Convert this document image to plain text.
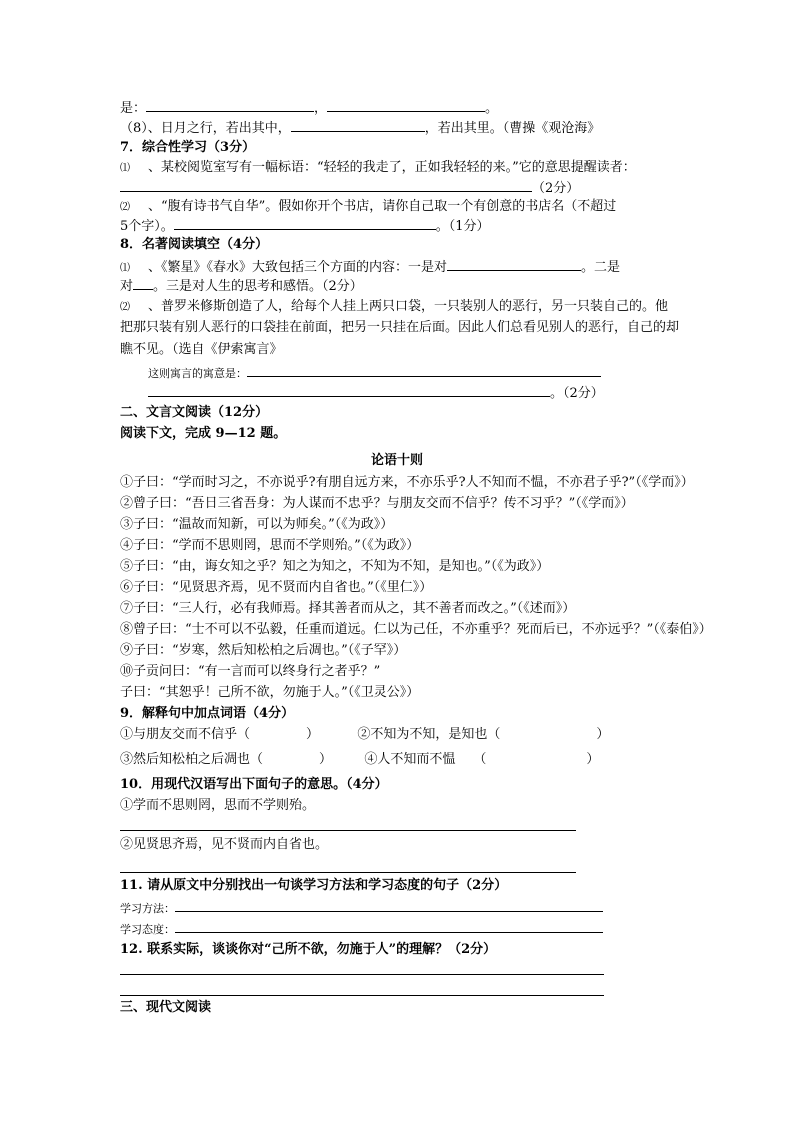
是：	，	。
（8）、日月之行，若出其中，	，若出其里。（曹操《观沧海》
7．综合性学习（3分）
⑴ 、某校阅览室写有一幅标语：“轻轻的我走了，正如我轻轻的来。”它的意思提醒读者：
（2分）
⑵ 、“腹有诗书气自华”。假如你开个书店，请你自己取一个有创意的书店名（不超过
5个字）。	。（1分）
8．名著阅读填空（4分）
⑴ 、《繁星》《春水》大致包括三个方面的内容：一是对	。二是
对 。三是对人生的思考和感悟。（2分）
⑵ 、普罗米修斯创造了人，给每个人挂上两只口袋，一只装别人的恶行，另一只装自己的。他
把那只装有别人恶行的口袋挂在前面，把另一只挂在后面。因此人们总看见别人的恶行，自己的却
瞧不见。（选自《伊索寓言》
这则寓言的寓意是：
。（2分）
二、文言文阅读（12分）
阅读下文，完成 9—12 题。
论语十则
①子曰：“学而时习之，不亦说乎?有朋自远方来，不亦乐乎?人不知而不愠，不亦君子乎?”（《学而》）
②曾子曰：“吾日三省吾身：为人谋而不忠乎？与朋友交而不信乎？传不习乎？”（《学而》）
③子曰：“温故而知新，可以为师矣。”（《为政》）
④子曰：“学而不思则罔，思而不学则殆。”（《为政》）
⑤子曰：“由，诲女知之乎？知之为知之，不知为不知，是知也。”（《为政》）
⑥子曰：“见贤思齐焉，见不贤而内自省也。”（《里仁》）
⑦子曰：“三人行，必有我师焉。择其善者而从之，其不善者而改之。”（《述而》）
⑧曾子曰：“士不可以不弘毅，任重而道远。仁以为己任，不亦重乎？死而后已，不亦远乎？”（《泰伯》）
⑨子曰：“岁寒，然后知松柏之后凋也。”（《子罕》）
⑩子贡问曰：“有一言而可以终身行之者乎？”
子曰：“其恕乎！己所不欲，勿施于人。”（《卫灵公》）
9．解释句中加点词语（4分）
①与朋友交而不信乎（	）	②不知为不知，是知也（	）
③然后知松柏之后凋也（	） ④人不知而不愠 （	）
10．用现代汉语写出下面句子的意思。（4分）
①学而不思则罔，思而不学则殆。
②见贤思齐焉，见不贤而内自省也。
11. 请从原文中分别找出一句谈学习方法和学习态度的句子（2分）
学习方法：
学习态度：
12. 联系实际，谈谈你对“己所不欲，勿施于人”的理解？（2分）
三、现代文阅读
